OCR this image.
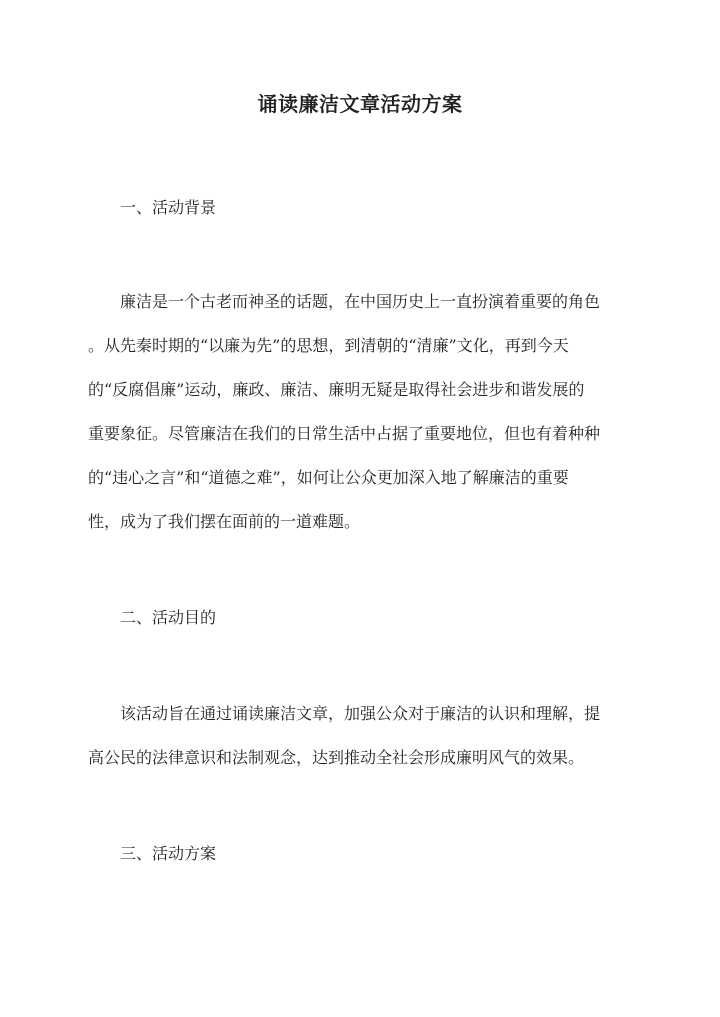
诵读廉洁文章活动方案
一、活动背景
廉洁是一个古老而神圣的话题，在中国历史上一直扮演着重要的角色
。从先秦时期的“以廉为先”的思想，到清朝的“清廉”文化，再到今天
的“反腐倡廉”运动，廉政、廉洁、廉明无疑是取得社会进步和谐发展的
重要象征。尽管廉洁在我们的日常生活中占据了重要地位，但也有着种种
的“违心之言”和“道德之难”，如何让公众更加深入地了解廉洁的重要
性，成为了我们摆在面前的一道难题。
二、活动目的
该活动旨在通过诵读廉洁文章，加强公众对于廉洁的认识和理解，提
高公民的法律意识和法制观念，达到推动全社会形成廉明风气的效果。
三、活动方案
